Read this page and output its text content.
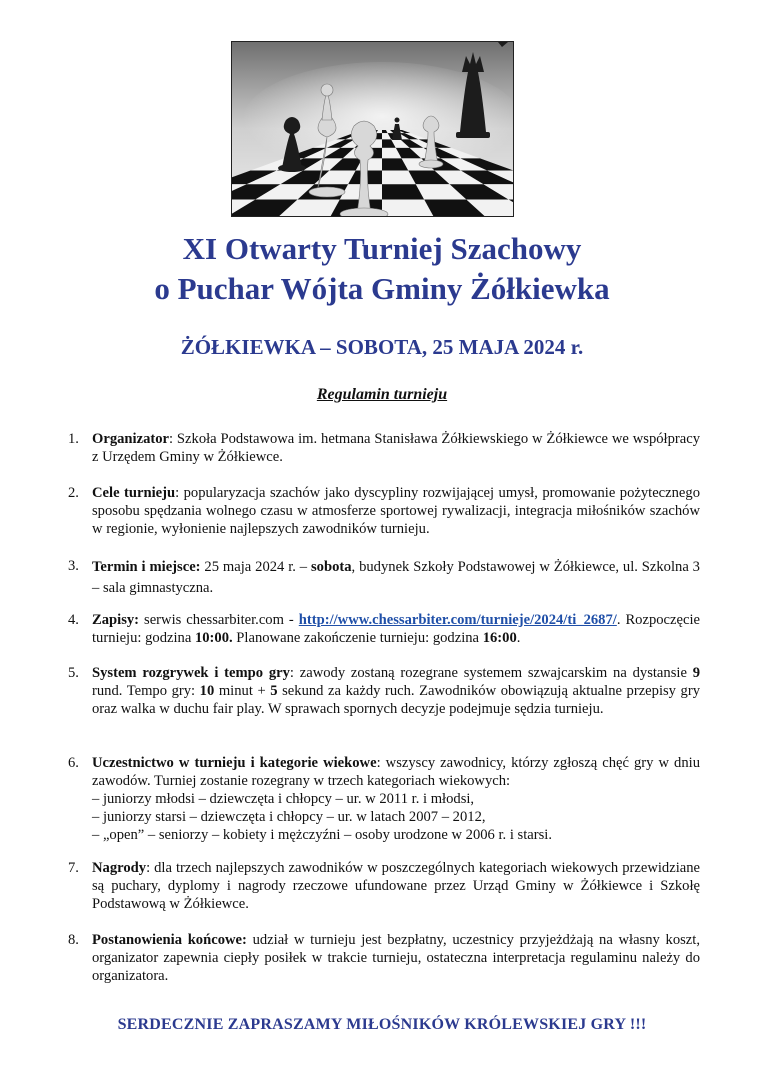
XI Otwarty Turniej Szachowy
o Puchar Wójta Gminy Żółkiewka
ŻÓŁKIEWKA – SOBOTA, 25 MAJA 2024 r.
Regulamin turnieju
1. Organizator: Szkoła Podstawowa im. hetmana Stanisława Żółkiewskiego w Żółkiewce we współpracy z Urzędem Gminy w Żółkiewce.
2. Cele turnieju: popularyzacja szachów jako dyscypliny rozwijającej umysł, promowanie pożytecznego sposobu spędzania wolnego czasu w atmosferze sportowej rywalizacji, integracja miłośników szachów w regionie, wyłonienie najlepszych zawodników turnieju.
3. Termin i miejsce: 25 maja 2024 r. – sobota, budynek Szkoły Podstawowej w Żółkiewce, ul. Szkolna 3 – sala gimnastyczna.
4. Zapisy: serwis chessarbiter.com - http://www.chessarbiter.com/turnieje/2024/ti_2687/. Rozpoczęcie turnieju: godzina 10:00. Planowane zakończenie turnieju: godzina 16:00.
5. System rozgrywek i tempo gry: zawody zostaną rozegrane systemem szwajcarskim na dystansie 9 rund. Tempo gry: 10 minut + 5 sekund za każdy ruch. Zawodników obowiązują aktualne przepisy gry oraz walka w duchu fair play. W sprawach spornych decyzje podejmuje sędzia turnieju.
6. Uczestnictwo w turnieju i kategorie wiekowe: wszyscy zawodnicy, którzy zgłoszą chęć gry w dniu zawodów. Turniej zostanie rozegrany w trzech kategoriach wiekowych:
– juniorzy młodsi – dziewczęta i chłopcy – ur. w 2011 r. i młodsi,
– juniorzy starsi – dziewczęta i chłopcy – ur. w latach 2007 – 2012,
– „open” – seniorzy – kobiety i mężczyźni – osoby urodzone w 2006 r. i starsi.
7. Nagrody: dla trzech najlepszych zawodników w poszczególnych kategoriach wiekowych przewidziane są puchary, dyplomy i nagrody rzeczowe ufundowane przez Urząd Gminy w Żółkiewce i Szkołę Podstawową w Żółkiewce.
8. Postanowienia końcowe: udział w turnieju jest bezpłatny, uczestnicy przyjeżdżają na własny koszt, organizator zapewnia ciepły posiłek w trakcie turnieju, ostateczna interpretacja regulaminu należy do organizatora.
SERDECZNIE ZAPRASZAMY MIŁOŚNIKÓW KRÓLEWSKIEJ GRY !!!
